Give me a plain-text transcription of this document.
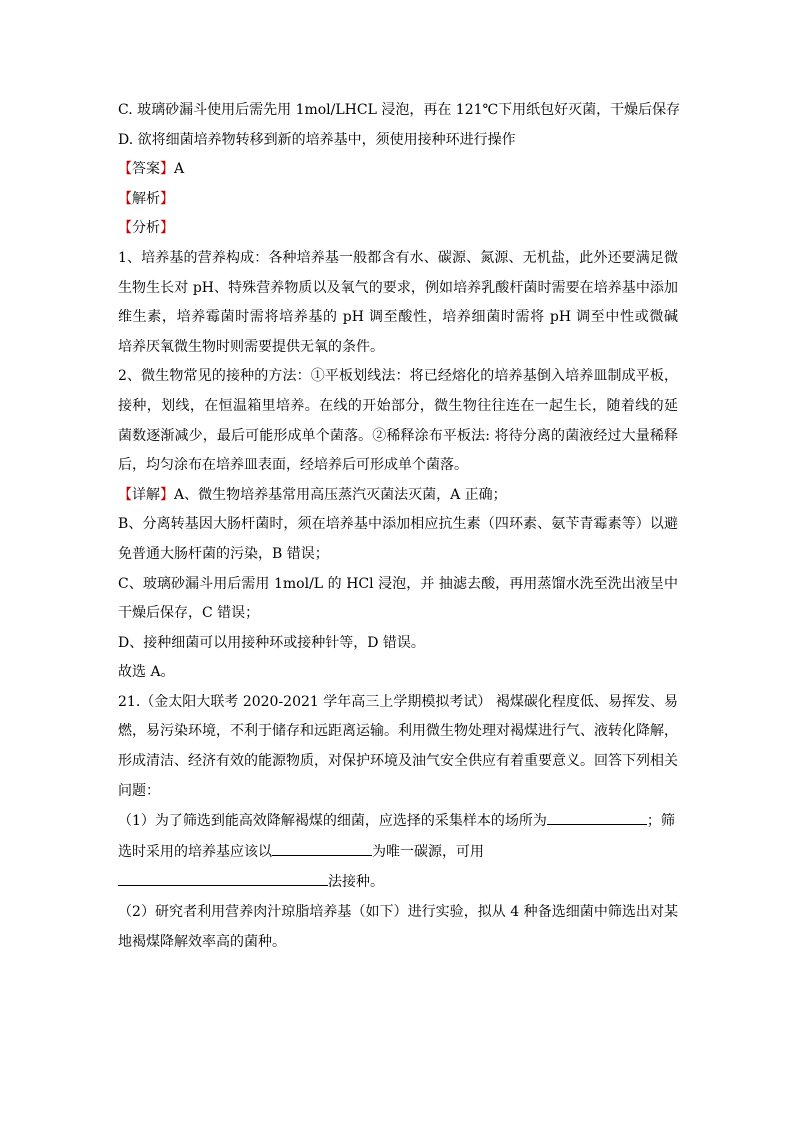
C. 玻璃砂漏斗使用后需先用 1mol/LHCL 浸泡，再在 121℃下用纸包好灭菌，干燥后保存
D. 欲将细菌培养物转移到新的培养基中，须使用接种环进行操作
【答案】A
【解析】
【分析】
1、培养基的营养构成：各种培养基一般都含有水、碳源、氮源、无机盐，此外还要满足微
生物生长对 pH、特殊营养物质以及氧气的要求，例如培养乳酸杆菌时需要在培养基中添加
维生素，培养霉菌时需将培养基的 pH 调至酸性，培养细菌时需将 pH 调至中性或微碱
培养厌氧微生物时则需要提供无氧的条件。
2、微生物常见的接种的方法：①平板划线法：将已经熔化的培养基倒入培养皿制成平板，
接种，划线，在恒温箱里培养。在线的开始部分，微生物往往连在一起生长，随着线的延
菌数逐渐减少，最后可能形成单个菌落。②稀释涂布平板法: 将待分离的菌液经过大量稀释
后，均匀涂布在培养皿表面，经培养后可形成单个菌落。
【详解】A、微生物培养基常用高压蒸汽灭菌法灭菌，A 正确；
B、分离转基因大肠杆菌时，须在培养基中添加相应抗生素（四环素、氨苄青霉素等）以避
免普通大肠杆菌的污染，B 错误；
C、玻璃砂漏斗用后需用 1mol/L 的 HCl 浸泡，并 抽滤去酸，再用蒸馏水洗至洗出液呈中
干燥后保存，C 错误；
D、接种细菌可以用接种环或接种针等，D 错误。
故选 A。
21.（金太阳大联考 2020-2021 学年高三上学期模拟考试） 褐煤碳化程度低、易挥发、易
燃，易污染环境，不利于储存和远距离运输。利用微生物处理对褐煤进行气、液转化降解，
形成清洁、经济有效的能源物质，对保护环境及油气安全供应有着重要意义。回答下列相关
问题：
（1）为了筛选到能高效降解褐煤的细菌，应选择的采集样本的场所为	；筛
选时采用的培养基应该以	为唯一碳源，可用
法接种。
（2）研究者利用营养肉汁琼脂培养基（如下）进行实验，拟从 4 种备选细菌中筛选出对某
地褐煤降解效率高的菌种。
